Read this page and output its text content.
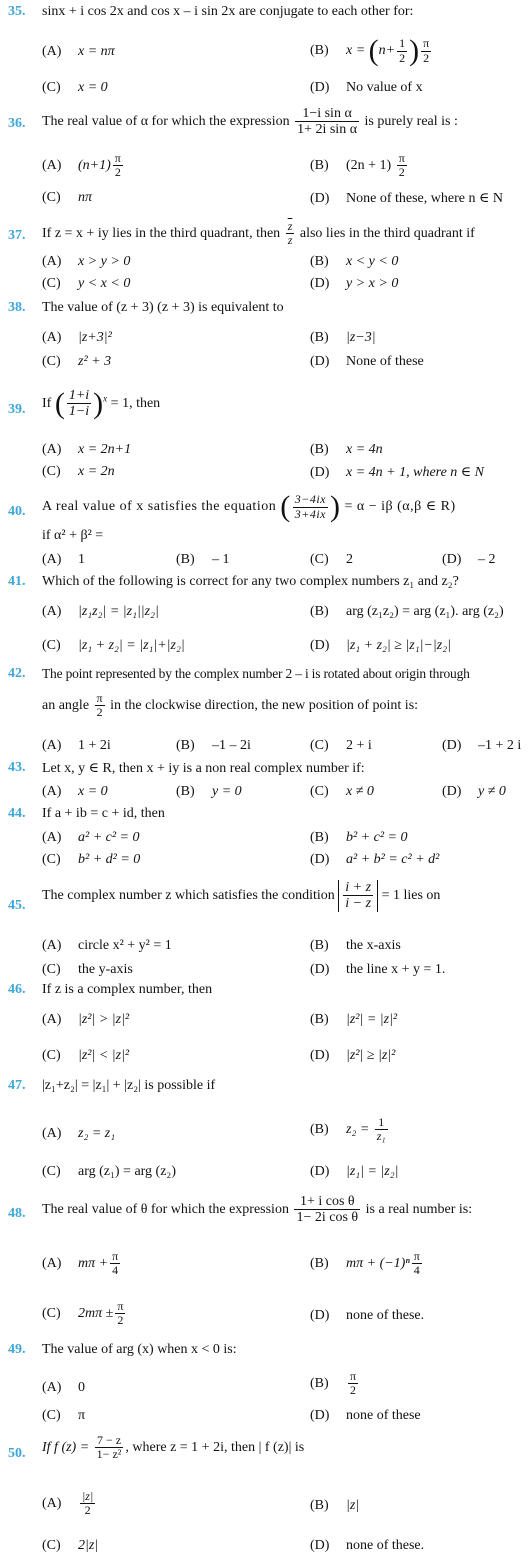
35. sinx + i cos 2x and cos x – i sin 2x are conjugate to each other for:
(A) x = nπ	(B) $x = (n+ \frac{1}{2}$ ) $\frac{\pi}{2}$
(C) x = 0	(D) No value of x
36. The real value of α for which the expression $\frac{\text{1−i sin α}}{\text{1+ 2i sin α}}$ is purely real is :
(A) $(n+1) \frac{\pi}{2}$	(B) $(2n + 1) \frac{\pi}{2}$
(C) nπ	(D) None of these, where n ∈ N
37. If z = x + iy lies in the third quadrant, then $\frac{\overline{z}}{z}$ also lies in the third quadrant if
(A) x > y > 0	(B) x < y < 0
(C) y < x < 0	(D) y > x > 0
38. The value of (z + 3) (z + 3) is equivalent to
(A) |z+3|²	(B) |z−3|
(C) z² + 3	(D) None of these
39. If ( $\frac{1+i}{1-i} )^x = 1$, then
(A) x = 2n+1	(B) x = 4n
(C) x = 2n	(D) x = 4n + 1, where n ∈ N
40. A real value of x satisfies the equation ( $\frac{3-4ix}{3+4ix}$ ) = α − iβ (α,β ∈ R)
if α² + β² =
(A) 1	(B) – 1	(C) 2	(D) – 2
41. Which of the following is correct for any two complex numbers z₁ and z₂?
(A) |z₁z₂| = |z₁||z₂|	(B) arg (z₁z₂) = arg (z₁). arg (z₂)
(C) |z₁ + z₂| = |z₁|+|z₂|	(D) |z₁ + z₂| ≥ |z₁|−|z₂|
42. The point represented by the complex number 2 – i is rotated about origin through
an angle $\frac{\pi}{2}$ in the clockwise direction, the new position of point is:
(A) 1 + 2i	(B) –1 – 2i	(C) 2 + i	(D) –1 + 2 i
43. Let x, y ∈ R, then x + iy is a non real complex number if:
(A) x = 0	(B) y = 0	(C) x ≠ 0	(D) y ≠ 0
44. If a + ib = c + id, then
(A) a² + c² = 0	(B) b² + c² = 0
(C) b² + d² = 0	(D) a² + b² = c² + d²
45.
The complex number z which satisfies the condition $\frac{i + z}{i - z} = 1$ lies on
(A) circle x² + y² = 1	(B) the x-axis
(C) the y-axis	(D) the line x + y = 1.
46. If z is a complex number, then
(A) |z²| > |z|²	(B) |z²| = |z|²
(C) |z²| < |z|²	(D) |z²| ≥ |z|²
47. |z₁+z₂| = |z₁| + |z₂| is possible if
(A) z₂ = z₁	(B) $z_2 = \frac{1}{\text{z₁}}$
(C) arg (z₁) = arg (z₂)	(D) |z₁| = |z₂|
48. The real value of θ for which the expression $\frac{\text{1+ i cos θ}}{\text{1− 2i cos θ}}$ is a real number is:
(A) $m\pi + \frac{\pi}{4}$	(B) $m\pi + (-1)^n \frac{\pi}{4}$
(C) $2m\pi \pm \frac{\pi}{2}$	(D) none of these.
49. The value of arg (x) when x < 0 is:
(A) 0	$(B) \frac{\pi}{2}$
(C) π	(D) none of these
50. If f $(z) = \frac{7 - z}{\text{1− z²}}$ , where z = 1 + 2i, then | f (z)| is
$(A) \frac{|z|}{2}$	(B) |z|
(C) 2|z|	(D) none of these.
